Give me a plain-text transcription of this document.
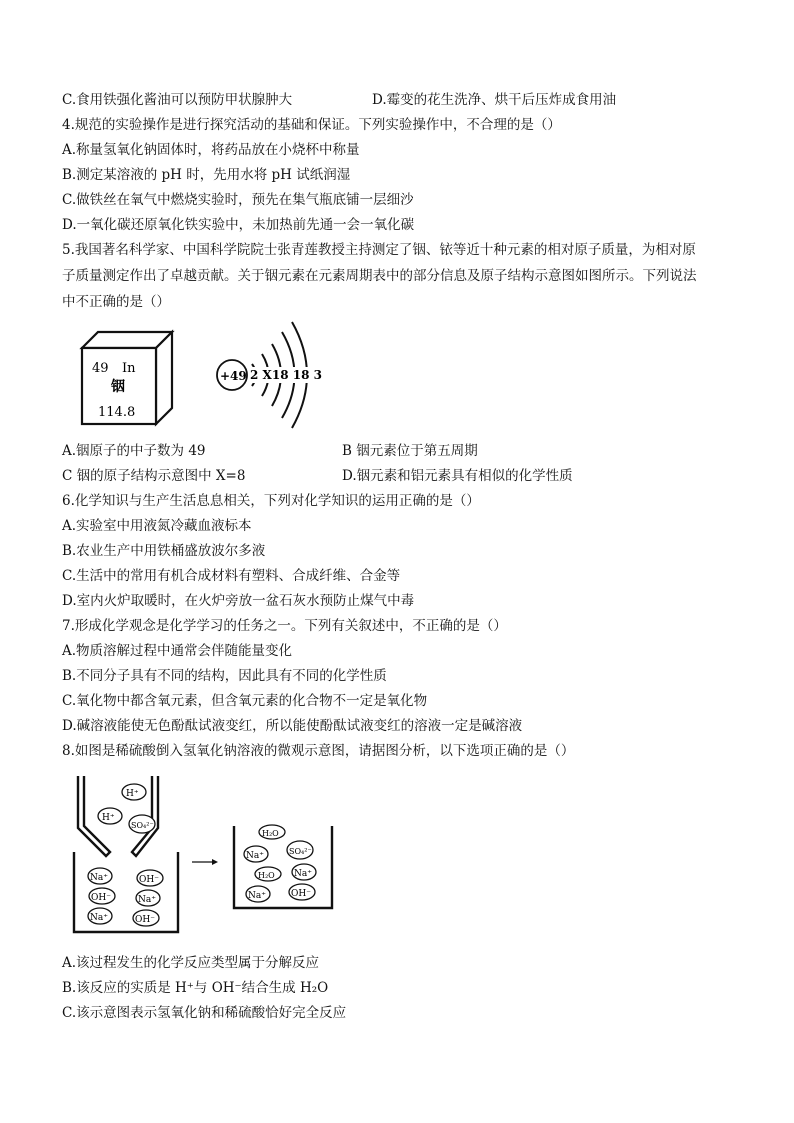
C.食用铁强化酱油可以预防甲状腺肿大	D.霉变的花生洗净、烘干后压炸成食用油
4.规范的实验操作是进行探究活动的基础和保证。下列实验操作中，不合理的是（）
A.称量氢氧化钠固体时，将药品放在小烧杯中称量
B.测定某溶液的 pH 时，先用水将 pH 试纸润湿
C.做铁丝在氧气中燃烧实验时，预先在集气瓶底铺一层细沙
D.一氧化碳还原氧化铁实验中，未加热前先通一会一氧化碳
5.我国著名科学家、中国科学院院士张青莲教授主持测定了铟、铱等近十种元素的相对原子质量，为相对原
子质量测定作出了卓越贡献。关于铟元素在元素周期表中的部分信息及原子结构示意图如图所示。下列说法
中不正确的是（）
49 In
铟
114.8
+49 2 X18 18 3
A.铟原子的中子数为 49	B 铟元素位于第五周期
C 铟的原子结构示意图中 X=8	D.铟元素和铝元素具有相似的化学性质
6.化学知识与生产生活息息相关，下列对化学知识的运用正确的是（）
A.实验室中用液氮冷藏血液标本
B.农业生产中用铁桶盛放波尔多液
C.生活中的常用有机合成材料有塑料、合成纤维、合金等
D.室内火炉取暖时，在火炉旁放一盆石灰水预防止煤气中毒
7.形成化学观念是化学学习的任务之一。下列有关叙述中，不正确的是（）
A.物质溶解过程中通常会伴随能量变化
B.不同分子具有不同的结构，因此具有不同的化学性质
C.氧化物中都含氧元素，但含氧元素的化合物不一定是氧化物
D.碱溶液能使无色酚酞试液变红，所以能使酚酞试液变红的溶液一定是碱溶液
8.如图是稀硫酸倒入氢氧化钠溶液的微观示意图，请据图分析，以下选项正确的是（）
H⁺
H⁺
SO₄²⁻
Na⁺	OH⁻
OH⁻	Na⁺
Na⁺	OH⁻
H₂O
Na⁺	SO₄²⁻
H₂O Na⁺
Na⁺	OH⁻
A.该过程发生的化学反应类型属于分解反应
B.该反应的实质是 H⁺与 OH⁻结合生成 H₂O
C.该示意图表示氢氧化钠和稀硫酸恰好完全反应
